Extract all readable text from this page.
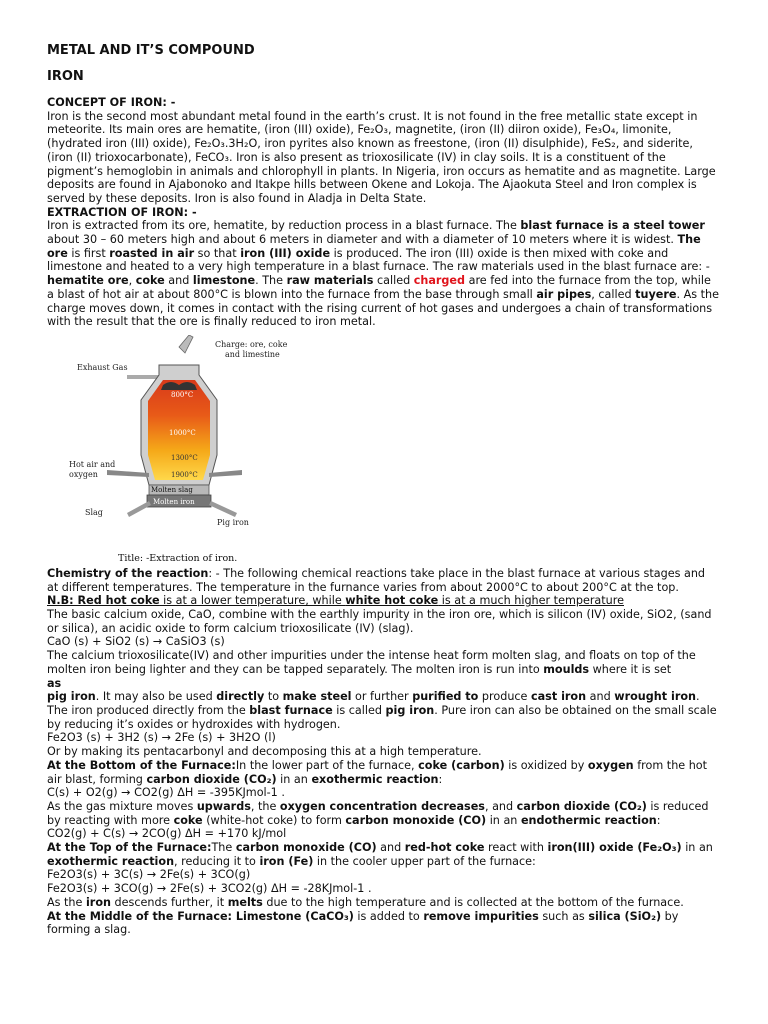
METAL AND IT’S COMPOUND

IRON

CONCEPT OF IRON: -

Iron is the second most abundant metal found in the earth’s crust. It is not found in the free metallic state except in meteorite. Its main ores are hematite, (iron (III) oxide), Fe₂O₃, magnetite, (iron (II) diiron oxide), Fe₃O₄, limonite, (hydrated iron (III) oxide), Fe₂O₃.3H₂O, iron pyrites also known as freestone, (iron (II) disulphide), FeS₂, and siderite, (iron (II) trioxocarbonate), FeCO₃. Iron is also present as trioxosilicate (IV) in clay soils. It is a constituent of the pigment’s hemoglobin in animals and chlorophyll in plants. In Nigeria, iron occurs as hematite and as magnetite. Large deposits are found in Ajabonoko and Itakpe hills between Okene and Lokoja. The Ajaokuta Steel and Iron complex is served by these deposits. Iron is also found in Aladja in Delta State.

EXTRACTION OF IRON: -

Iron is extracted from its ore, hematite, by reduction process in a blast furnace. The blast furnace is a steel tower about 30 – 60 meters high and about 6 meters in diameter and with a diameter of 10 meters where it is widest. The ore is first roasted in air so that iron (III) oxide is produced. The iron (III) oxide is then mixed with coke and limestone and heated to a very high temperature in a blast furnace. The raw materials used in the blast furnace are: - hematite ore, coke and limestone. The raw materials called charged are fed into the furnace from the top, while a blast of hot air at about 800°C is blown into the furnace from the base through small air pipes, called tuyere. As the charge moves down, it comes in contact with the rising current of hot gases and undergoes a chain of transformations with the result that the ore is finally reduced to iron metal.

Charge: ore, coke
and limestine
Exhaust Gas
800°C
1000°C
1300°C
1900°C
Hot air and
oxygen
Molten slag
Molten iron
Slag
Pig iron
Title: -Extraction of iron.

Chemistry of the reaction: - The following chemical reactions take place in the blast furnace at various stages and at different temperatures. The temperature in the furnance varies from about 2000°C to about 200°C at the top.

N.B: Red hot coke is at a lower temperature, while white hot coke is at a much higher temperature

The basic calcium oxide, CaO, combine with the earthly impurity in the iron ore, which is silicon (IV) oxide, SiO2, (sand or silica), an acidic oxide to form calcium trioxosilicate (IV) (slag).

CaO (s) + SiO2 (s) → CaSiO3 (s)

The calcium trioxosilicate(IV) and other impurities under the intense heat form molten slag, and floats on top of the molten iron being lighter and they can be tapped separately. The molten iron is run into moulds where it is set

as

pig iron. It may also be used directly to make steel or further purified to produce cast iron and wrought iron. The iron produced directly from the blast furnace is called pig iron. Pure iron can also be obtained on the small scale by reducing it’s oxides or hydroxides with hydrogen.

Fe2O3 (s) + 3H2 (s) → 2Fe (s) + 3H2O (l)

Or by making its pentacarbonyl and decomposing this at a high temperature.

At the Bottom of the Furnace:In the lower part of the furnace, coke (carbon) is oxidized by oxygen from the hot air blast, forming carbon dioxide (CO₂) in an exothermic reaction:

C(s) + O2(g) → CO2(g) ΔH = -395KJmol-1 .

As the gas mixture moves upwards, the oxygen concentration decreases, and carbon dioxide (CO₂) is reduced by reacting with more coke (white-hot coke) to form carbon monoxide (CO) in an endothermic reaction:

CO2(g) + C(s) → 2CO(g) ΔH = +170 kJ/mol

At the Top of the Furnace:The carbon monoxide (CO) and red-hot coke react with iron(III) oxide (Fe₂O₃) in an exothermic reaction, reducing it to iron (Fe) in the cooler upper part of the furnace:

Fe2O3(s) + 3C(s) → 2Fe(s) + 3CO(g)

Fe2O3(s) + 3CO(g) → 2Fe(s) + 3CO2(g) ΔH = -28KJmol-1 .

As the iron descends further, it melts due to the high temperature and is collected at the bottom of the furnace.

At the Middle of the Furnace: Limestone (CaCO₃) is added to remove impurities such as silica (SiO₂) by forming a slag.
